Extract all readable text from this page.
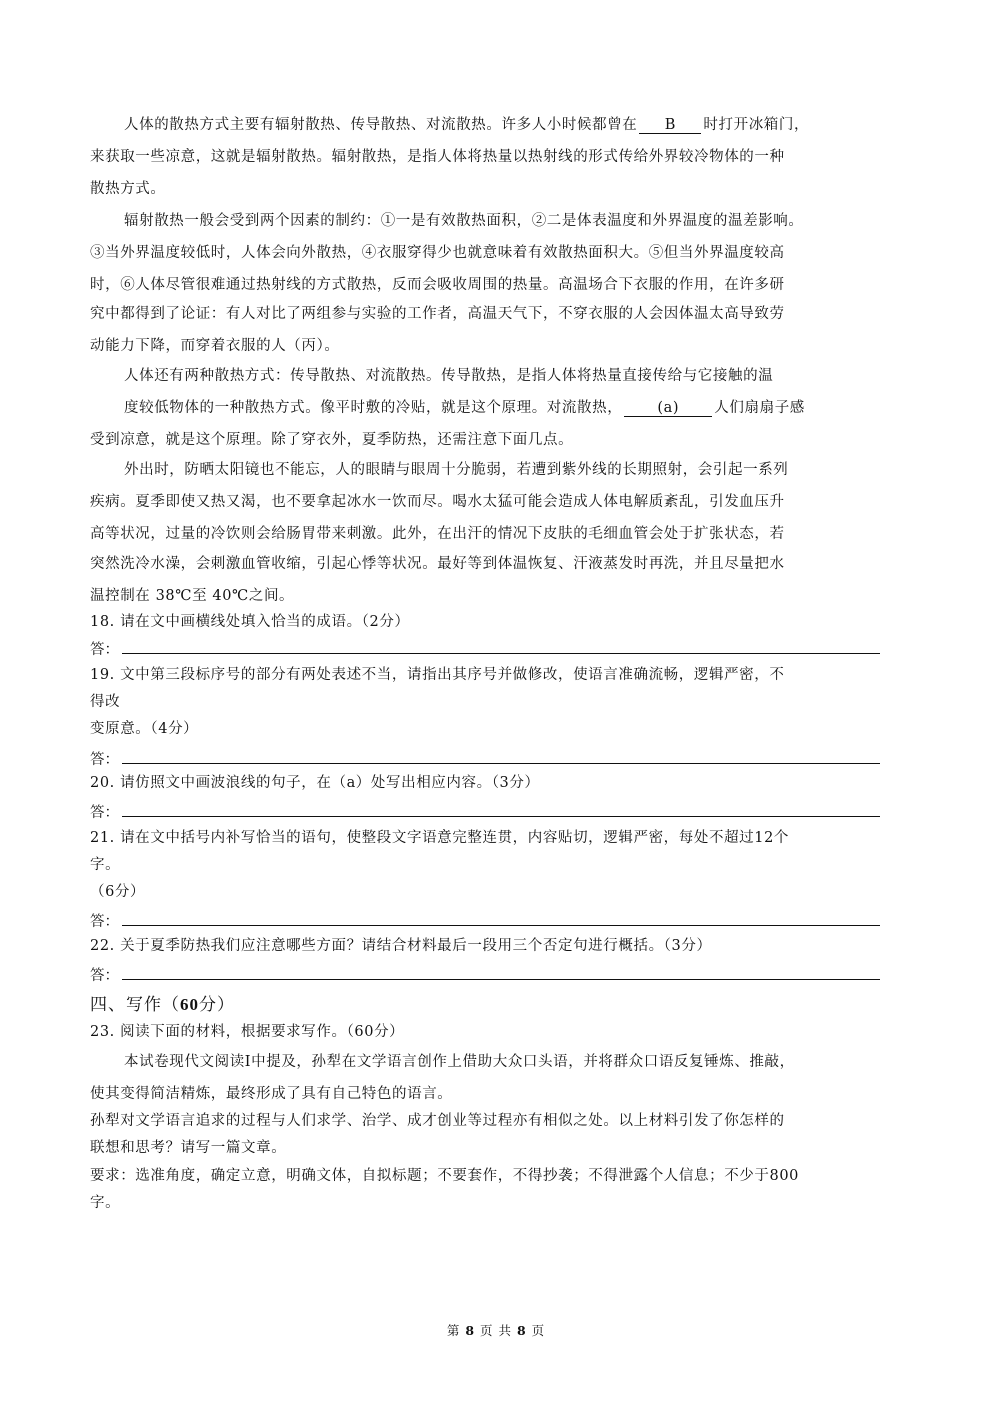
人体的散热方式主要有辐射散热、传导散热、对流散热。许多人小时候都曾在 B 时打开冰箱门，
来获取一些凉意，这就是辐射散热。辐射散热，是指人体将热量以热射线的形式传给外界较冷物体的一种
散热方式。
辐射散热一般会受到两个因素的制约：①一是有效散热面积，②二是体表温度和外界温度的温差影响。
③当外界温度较低时，人体会向外散热，④衣服穿得少也就意味着有效散热面积大。⑤但当外界温度较高
时，⑥人体尽管很难通过热射线的方式散热，反而会吸收周围的热量。高温场合下衣服的作用，在许多研
究中都得到了论证：有人对比了两组参与实验的工作者，高温天气下，不穿衣服的人会因体温太高导致劳
动能力下降，而穿着衣服的人（丙）。
人体还有两种散热方式：传导散热、对流散热。传导散热，是指人体将热量直接传给与它接触的温
度较低物体的一种散热方式。像平时敷的冷贴，就是这个原理。对流散热， (a) 人们扇扇子感
受到凉意，就是这个原理。除了穿衣外，夏季防热，还需注意下面几点。
外出时，防晒太阳镜也不能忘，人的眼睛与眼周十分脆弱，若遭到紫外线的长期照射，会引起一系列
疾病。夏季即使又热又渴，也不要拿起冰水一饮而尽。喝水太猛可能会造成人体电解质紊乱，引发血压升
高等状况，过量的冷饮则会给肠胃带来刺激。此外，在出汗的情况下皮肤的毛细血管会处于扩张状态，若
突然洗冷水澡，会刺激血管收缩，引起心悸等状况。最好等到体温恢复、汗液蒸发时再洗，并且尽量把水
温控制在 38℃至 40℃之间。
18. 请在文中画横线处填入恰当的成语。（2分）
答：
19. 文中第三段标序号的部分有两处表述不当，请指出其序号并做修改，使语言准确流畅，逻辑严密，不
得改
变原意。（4分）
答：
20. 请仿照文中画波浪线的句子，在（a）处写出相应内容。（3分）
答：
21. 请在文中括号内补写恰当的语句，使整段文字语意完整连贯，内容贴切，逻辑严密，每处不超过12个
字。
（6分）
答：
22. 关于夏季防热我们应注意哪些方面？请结合材料最后一段用三个否定句进行概括。（3分）
答：
四、写作（60分）
23. 阅读下面的材料，根据要求写作。（60分）
本试卷现代文阅读Ⅰ中提及，孙犁在文学语言创作上借助大众口头语，并将群众口语反复锤炼、推敲，
使其变得简洁精炼，最终形成了具有自己特色的语言。
孙犁对文学语言追求的过程与人们求学、治学、成才创业等过程亦有相似之处。以上材料引发了你怎样的
联想和思考？请写一篇文章。
要求：选准角度，确定立意，明确文体，自拟标题；不要套作，不得抄袭；不得泄露个人信息；不少于800
字。
第 8 页 共 8 页
